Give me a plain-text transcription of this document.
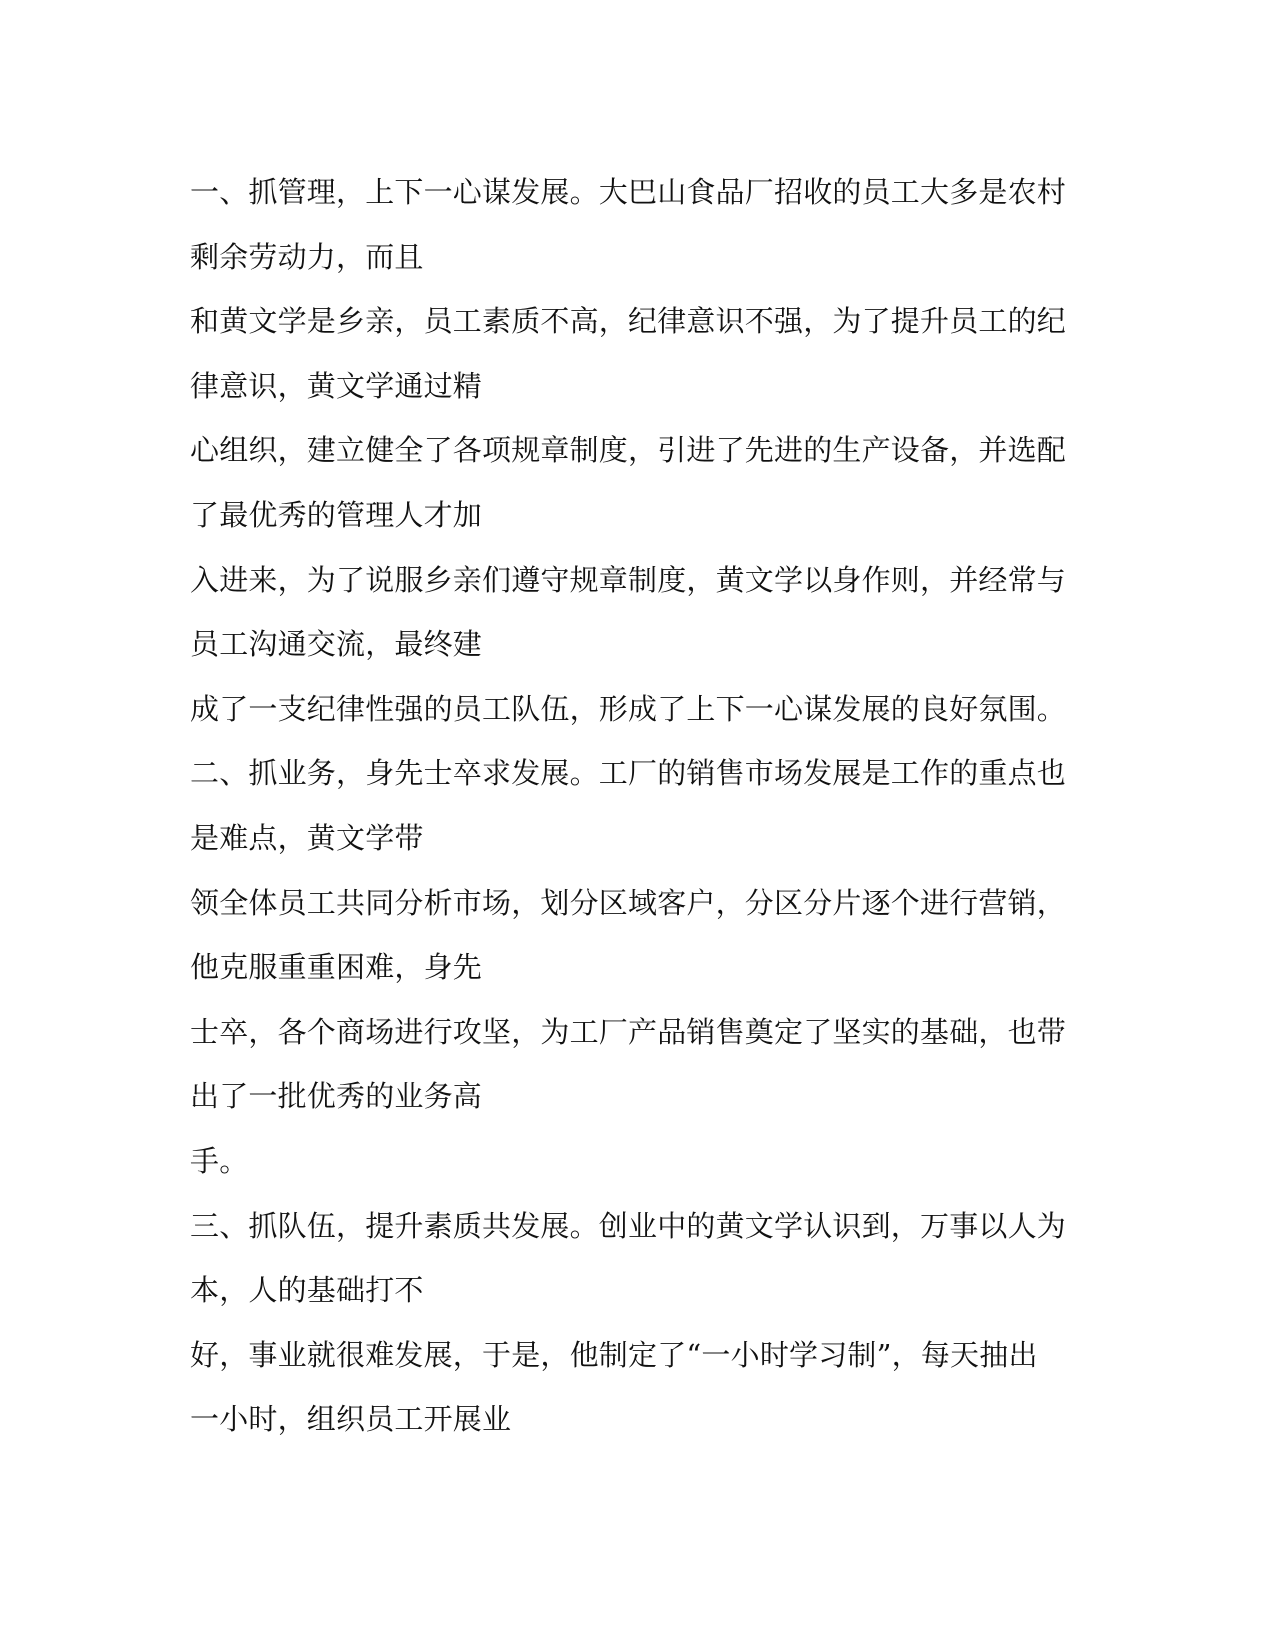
一、抓管理，上下一心谋发展。大巴山食品厂招收的员工大多是农村
剩余劳动力，而且
和黄文学是乡亲，员工素质不高，纪律意识不强，为了提升员工的纪
律意识，黄文学通过精
心组织，建立健全了各项规章制度，引进了先进的生产设备，并选配
了最优秀的管理人才加
入进来，为了说服乡亲们遵守规章制度，黄文学以身作则，并经常与
员工沟通交流，最终建
成了一支纪律性强的员工队伍，形成了上下一心谋发展的良好氛围。
二、抓业务，身先士卒求发展。工厂的销售市场发展是工作的重点也
是难点，黄文学带
领全体员工共同分析市场，划分区域客户，分区分片逐个进行营销，
他克服重重困难，身先
士卒，各个商场进行攻坚，为工厂产品销售奠定了坚实的基础，也带
出了一批优秀的业务高
手。
三、抓队伍，提升素质共发展。创业中的黄文学认识到，万事以人为
本，人的基础打不
好，事业就很难发展，于是，他制定了“一小时学习制”，每天抽出
一小时，组织员工开展业
